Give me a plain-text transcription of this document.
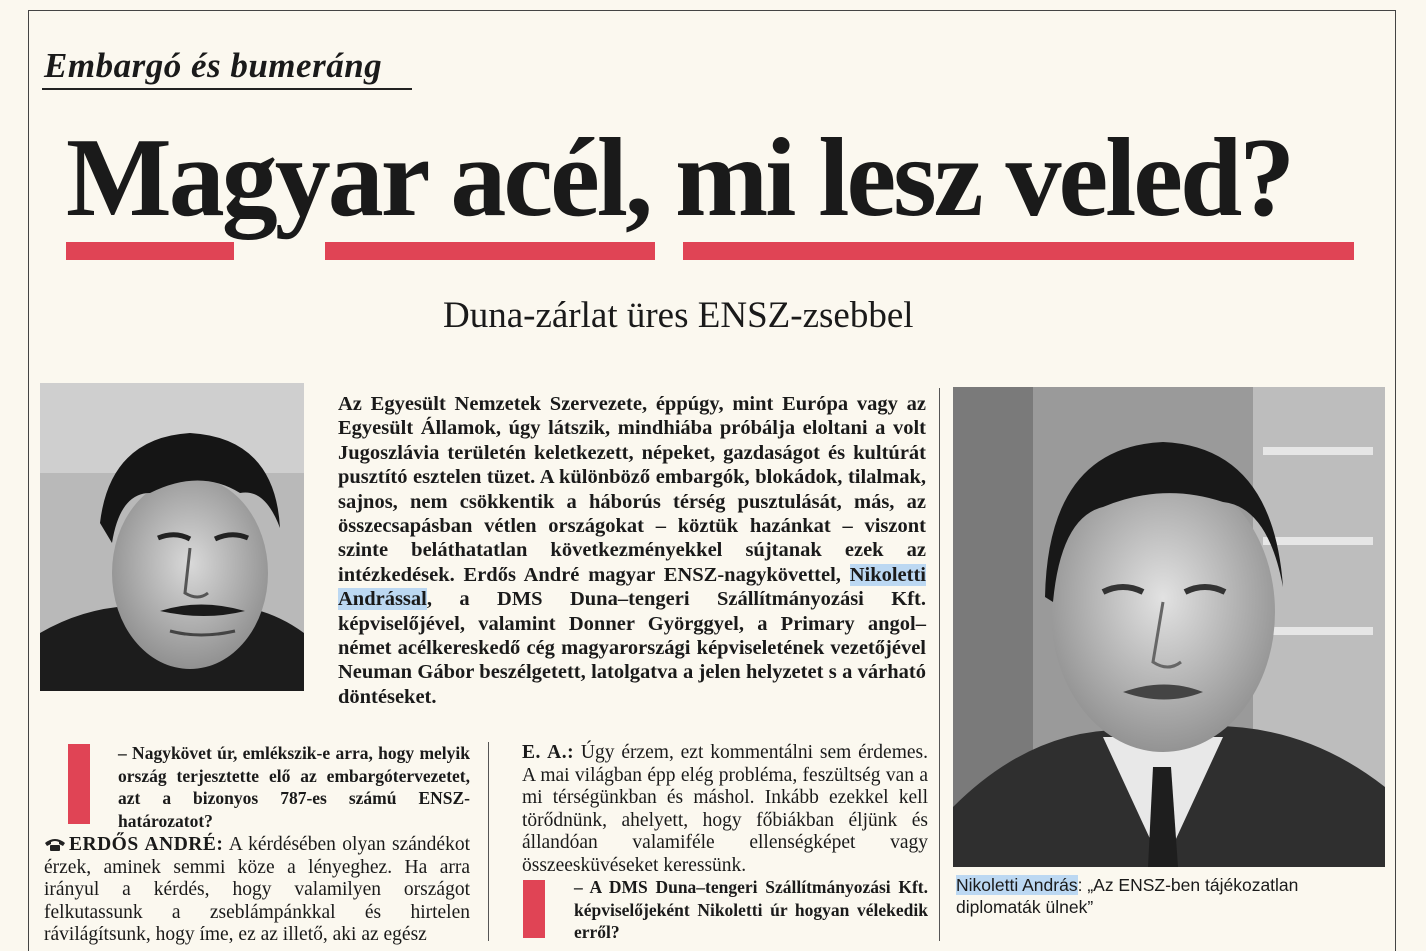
Embargó és bumeráng
Magyar acél, mi lesz veled?
Duna-zárlat üres ENSZ-zsebbel
Az Egyesült Nemzetek Szervezete, éppúgy, mint Európa vagy az Egyesült Államok, úgy látszik, mindhiába próbálja eloltani a volt Jugoszlávia területén keletkezett, népeket, gazdaságot és kultúrát pusztító esztelen tüzet. A különböző embargók, blokádok, tilalmak, sajnos, nem csökkentik a háborús térség pusztulását, más, az összecsapásban vétlen országokat – köztük hazánkat – viszont szinte beláthatatlan következményekkel sújtanak ezek az intézkedések. Erdős André magyar ENSZ-nagykövettel, Nikoletti Andrással, a DMS Duna–tengeri Szállítmányozási Kft. képviselőjével, valamint Donner Györggyel, a Primary angol–német acélkereskedő cég magyarországi képviseletének vezetőjével Neuman Gábor beszélgetett, latolgatva a jelen helyzetet s a várható döntéseket.
Nikoletti András: „Az ENSZ-ben tájékozatlan diplomaták ülnek”
– Nagykövet úr, emlékszik-e arra, hogy melyik ország terjesztette elő az embargótervezetet, azt a bizonyos 787-es számú ENSZ-határozatot?
ERDŐS ANDRÉ: A kérdésében olyan szándékot érzek, aminek semmi köze a lényeghez. Ha arra irányul a kérdés, hogy valamilyen országot felkutassunk a zseblámpánkkal és hirtelen rávilágítsunk, hogy íme, ez az illető, aki az egész
E. A.: Úgy érzem, ezt kommentálni sem érdemes. A mai világban épp elég probléma, feszültség van a mi térségünkban és máshol. Inkább ezekkel kell törődnünk, ahelyett, hogy főbiákban éljünk és állandóan valamiféle ellenségképet vagy összeesküvéseket keressünk.
– A DMS Duna–tengeri Szállítmányozási Kft. képviselőjeként Nikoletti úr hogyan vélekedik erről?
